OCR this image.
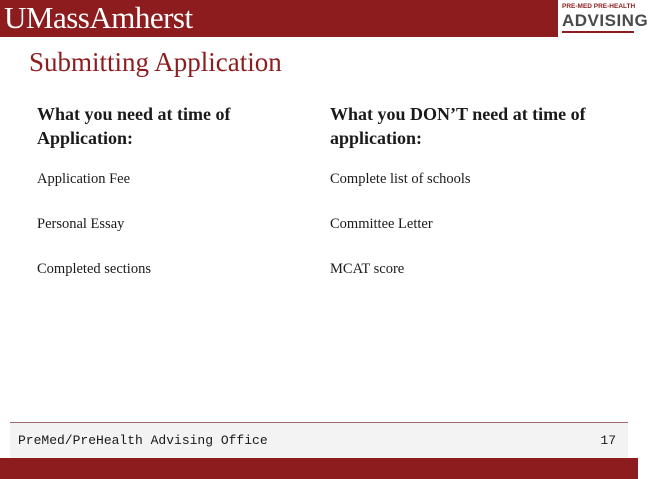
UMassAmherst	PRE-MED PRE-HEALTH
ADVISING
Submitting Application
What you need at time of Application:
Application Fee
Personal Essay
Completed sections
What you DON’T need at time of application:
Complete list of schools
Committee Letter
MCAT score
PreMed/PreHealth Advising Office	17
